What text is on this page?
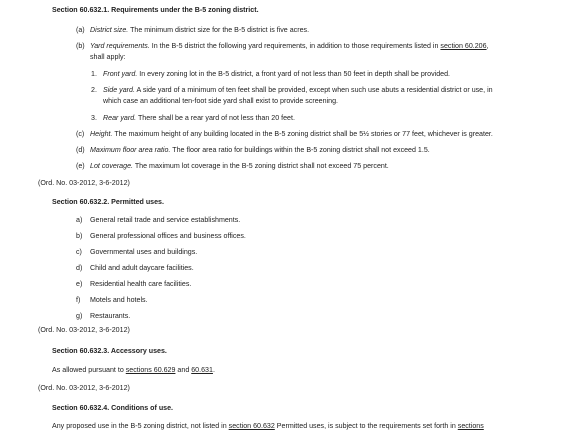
Section 60.632.1. Requirements under the B-5 zoning district.
(a) District size. The minimum district size for the B-5 district is five acres.
(b) Yard requirements. In the B-5 district the following yard requirements, in addition to those requirements listed in section 60.206,
shall apply:
1. Front yard. In every zoning lot in the B-5 district, a front yard of not less than 50 feet in depth shall be provided.
2. Side yard. A side yard of a minimum of ten feet shall be provided, except when such use abuts a residential district or use, in
which case an additional ten-foot side yard shall exist to provide screening.
3. Rear yard. There shall be a rear yard of not less than 20 feet.
(c) Height. The maximum height of any building located in the B-5 zoning district shall be 5½ stories or 77 feet, whichever is greater.
(d) Maximum floor area ratio. The floor area ratio for buildings within the B-5 zoning district shall not exceed 1.5.
(e) Lot coverage. The maximum lot coverage in the B-5 zoning district shall not exceed 75 percent.
(Ord. No. 03-2012, 3-6-2012)
Section 60.632.2. Permitted uses.
a) General retail trade and service establishments.
b) General professional offices and business offices.
c) Governmental uses and buildings.
d) Child and adult daycare facilities.
e) Residential health care facilities.
f) Motels and hotels.
g) Restaurants.
(Ord. No. 03-2012, 3-6-2012)
Section 60.632.3. Accessory uses.
As allowed pursuant to sections 60.629 and 60.631.
(Ord. No. 03-2012, 3-6-2012)
Section 60.632.4. Conditions of use.
Any proposed use in the B-5 zoning district, not listed in section 60.632 Permitted uses, is subject to the requirements set forth in sections
